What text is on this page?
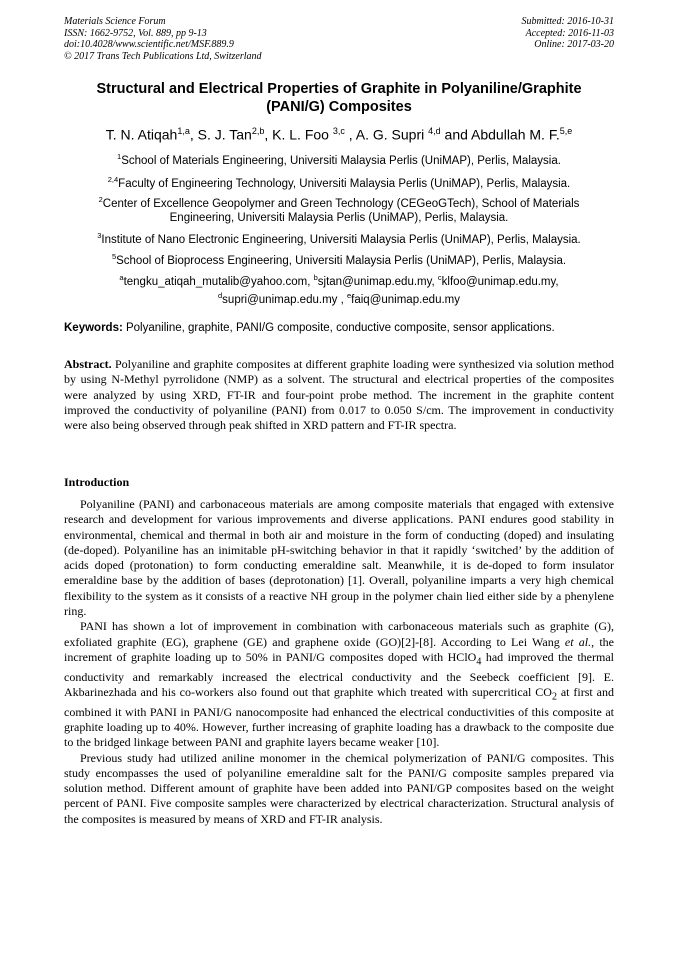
Materials Science Forum
ISSN: 1662-9752, Vol. 889, pp 9-13
doi:10.4028/www.scientific.net/MSF.889.9
© 2017 Trans Tech Publications Ltd, Switzerland
Submitted: 2016-10-31
Accepted: 2016-11-03
Online: 2017-03-20
Structural and Electrical Properties of Graphite in Polyaniline/Graphite
(PANI/G) Composites
T. N. Atiqah$^{1,a}$, S. J. Tan$^{2,b}$, K. L. Foo $^{3,c}$ , A. G. Supri $^{4,d}$ and Abdullah M. F.$^{5,e}$
$^1$School of Materials Engineering, Universiti Malaysia Perlis (UniMAP), Perlis, Malaysia.
$^{2,4}$Faculty of Engineering Technology, Universiti Malaysia Perlis (UniMAP), Perlis, Malaysia.
$^2$Center of Excellence Geopolymer and Green Technology (CEGeoGTech), School of Materials Engineering, Universiti Malaysia Perlis (UniMAP), Perlis, Malaysia.
$^3$Institute of Nano Electronic Engineering, Universiti Malaysia Perlis (UniMAP), Perlis, Malaysia.
$^5$School of Bioprocess Engineering, Universiti Malaysia Perlis (UniMAP), Perlis, Malaysia.
$^a$tengku_atiqah_mutalib@yahoo.com, $^b$sjtan@unimap.edu.my, $^c$klfoo@unimap.edu.my,
$^d$supri@unimap.edu.my , $^e$faiq@unimap.edu.my
Keywords: Polyaniline, graphite, PANI/G composite, conductive composite, sensor applications.

Abstract. Polyaniline and graphite composites at different graphite loading were synthesized via solution method by using N-Methyl pyrrolidone (NMP) as a solvent. The structural and electrical properties of the composites were analyzed by using XRD, FT-IR and four-point probe method. The increment in the graphite content improved the conductivity of polyaniline (PANI) from 0.017 to 0.050 S/cm. The improvement in conductivity were also being observed through peak shifted in XRD pattern and FT-IR spectra.

Introduction

Polyaniline (PANI) and carbonaceous materials are among composite materials that engaged with extensive research and development for various improvements and diverse applications. PANI endures good stability in environmental, chemical and thermal in both air and moisture in the form of conducting (doped) and insulating (de-doped). Polyaniline has an inimitable pH-switching behavior in that it rapidly ‘switched’ by the addition of acids doped (protonation) to form conducting emeraldine salt. Meanwhile, it is de-doped to form insulator emeraldine base by the addition of bases (deprotonation) [1]. Overall, polyaniline imparts a very high chemical flexibility to the system as it consists of a reactive NH group in the polymer chain lied either side by a phenylene ring.

PANI has shown a lot of improvement in combination with carbonaceous materials such as graphite (G), exfoliated graphite (EG), graphene (GE) and graphene oxide (GO)[2]-[8]. According to Lei Wang et al., the increment of graphite loading up to 50% in PANI/G composites doped with HClO$_4$ had improved the thermal conductivity and remarkably increased the electrical conductivity and the Seebeck coefficient [9]. E. Akbarinezhada and his co-workers also found out that graphite which treated with supercritical $CO_2$ at first and combined it with PANI in PANI/G nanocomposite had enhanced the electrical conductivities of this composite at graphite loading up to 40%. However, further increasing of graphite loading has a drawback to the composite due to the bridged linkage between PANI and graphite layers became weaker [10].

Previous study had utilized aniline monomer in the chemical polymerization of PANI/G composites. This study encompasses the used of polyaniline emeraldine salt for the PANI/G composite samples prepared via solution method. Different amount of graphite have been added into PANI/GP composites based on the weight percent of PANI. Five composite samples were characterized by electrical characterization. Structural analysis of the composites is measured by means of XRD and FT-IR analysis.
